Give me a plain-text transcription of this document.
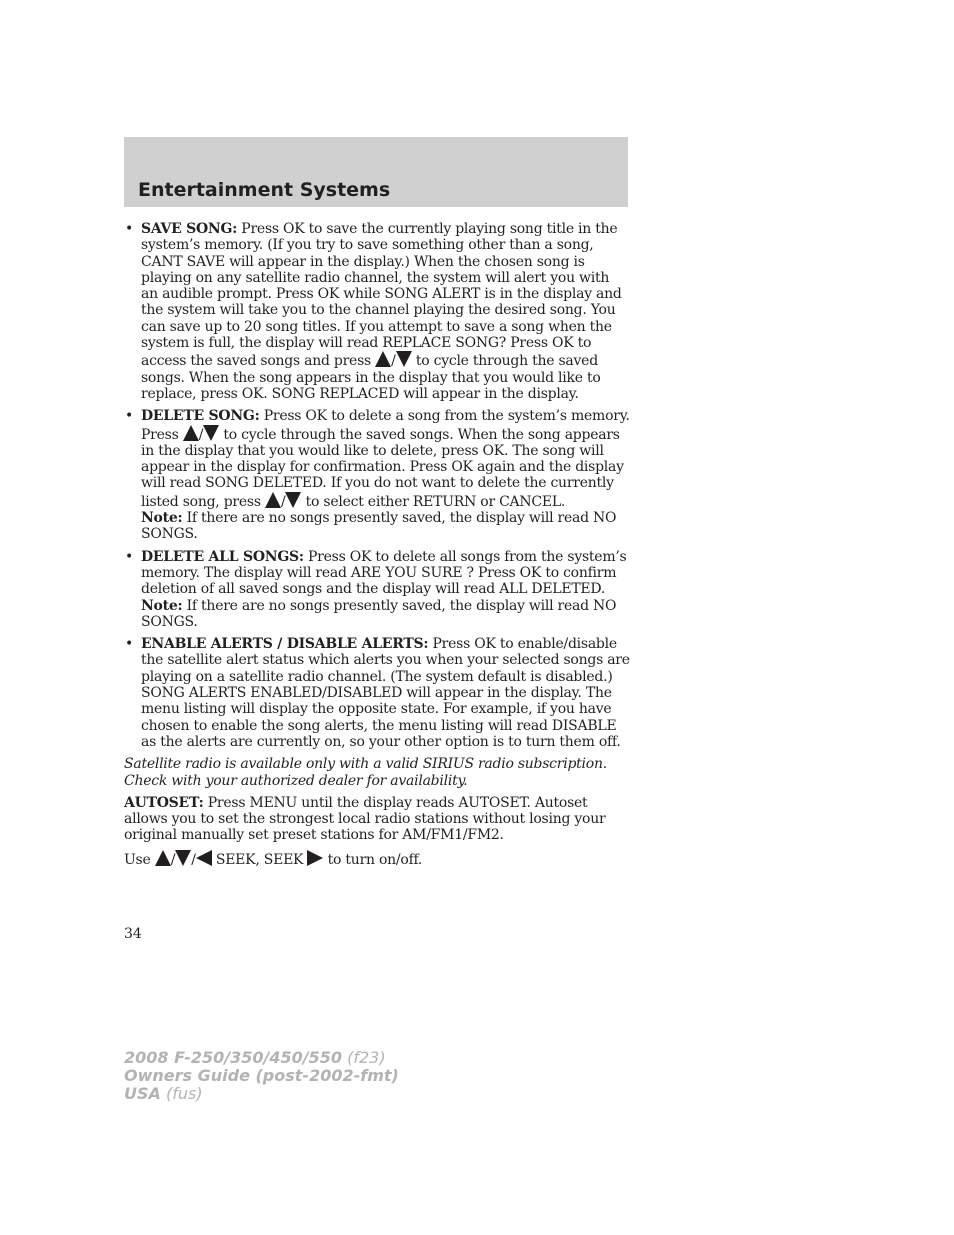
Entertainment Systems
• SAVE SONG: Press OK to save the currently playing song title in the system’s memory. (If you try to save something other than a song, CANT SAVE will appear in the display.) When the chosen song is playing on any satellite radio channel, the system will alert you with an audible prompt. Press OK while SONG ALERT is in the display and the system will take you to the channel playing the desired song. You can save up to 20 song titles. If you attempt to save a song when the system is full, the display will read REPLACE SONG? Press OK to access the saved songs and press / to cycle through the saved songs. When the song appears in the display that you would like to replace, press OK. SONG REPLACED will appear in the display.
• DELETE SONG: Press OK to delete a song from the system’s memory. Press / to cycle through the saved songs. When the song appears in the display that you would like to delete, press OK. The song will appear in the display for confirmation. Press OK again and the display will read SONG DELETED. If you do not want to delete the currently listed song, press / to select either RETURN or CANCEL.

Note: If there are no songs presently saved, the display will read NO SONGS.

• DELETE ALL SONGS: Press OK to delete all songs from the system’s memory. The display will read ARE YOU SURE ? Press OK to confirm deletion of all saved songs and the display will read ALL DELETED.

Note: If there are no songs presently saved, the display will read NO SONGS.

• ENABLE ALERTS / DISABLE ALERTS: Press OK to enable/disable the satellite alert status which alerts you when your selected songs are playing on a satellite radio channel. (The system default is disabled.) SONG ALERTS ENABLED/DISABLED will appear in the display. The menu listing will display the opposite state. For example, if you have chosen to enable the song alerts, the menu listing will read DISABLE as the alerts are currently on, so your other option is to turn them off.

Satellite radio is available only with a valid SIRIUS radio subscription. Check with your authorized dealer for availability.

AUTOSET: Press MENU until the display reads AUTOSET. Autoset allows you to set the strongest local radio stations without losing your original manually set preset stations for AM/FM1/FM2.

Use / / SEEK, SEEK to turn on/off.

34

2008 F-250/350/450/550 (f23)
Owners Guide (post-2002-fmt)
USA (fus)
